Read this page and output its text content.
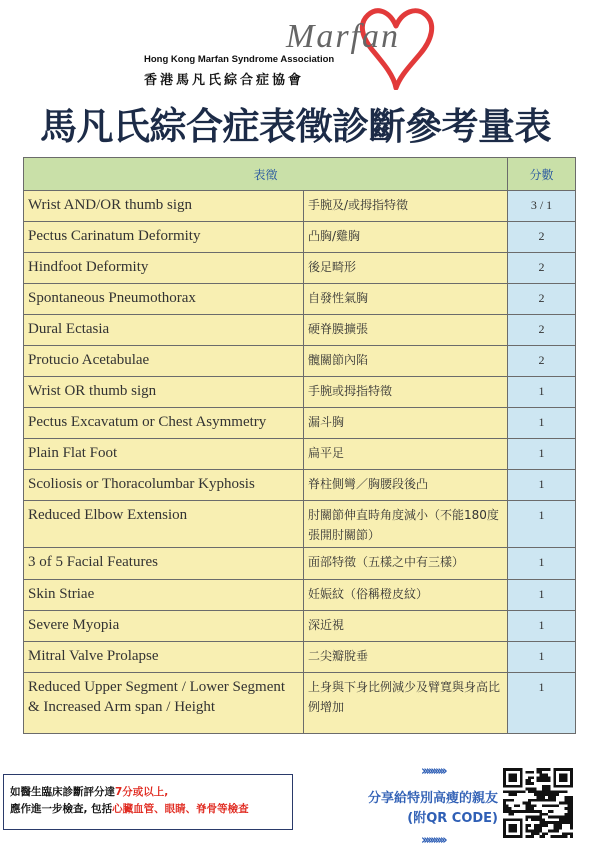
Marfan
Hong Kong Marfan Syndrome Association
香港馬凡氏綜合症協會
馬凡氏綜合症表徵診斷參考量表
表徵		分數
Wrist AND/OR thumb sign	手腕及/或拇指特徵	3 / 1
Pectus Carinatum Deformity	凸胸/雞胸	2
Hindfoot Deformity	後足畸形	2
Spontaneous Pneumothorax	自發性氣胸	2
Dural Ectasia	硬脊膜擴張	2
Protucio Acetabulae	髖關節內陷	2
Wrist OR thumb sign	手腕或拇指特徵	1
Pectus Excavatum or Chest Asymmetry	漏斗胸	1
Plain Flat Foot	扁平足	1
Scoliosis or Thoracolumbar Kyphosis	脊柱側彎／胸腰段後凸	1
Reduced Elbow Extension	肘關節伸直時角度減小（不能180度張開肘關節）	1
3 of 5 Facial Features	面部特徵（五樣之中有三樣）	1
Skin Striae	妊娠紋（俗稱橙皮紋）	1
Severe Myopia	深近視	1
Mitral Valve Prolapse	二尖瓣脫垂	1
Reduced Upper Segment / Lower Segment & Increased Arm span / Height	上身與下身比例減少及臂寬與身高比例增加	1
如醫生臨床診斷評分達7分或以上,
應作進一步檢查, 包括心臟血管、眼睛、脊骨等檢查
››››››››››
分享給特別高瘦的親友
(附QR CODE)
››››››››››
